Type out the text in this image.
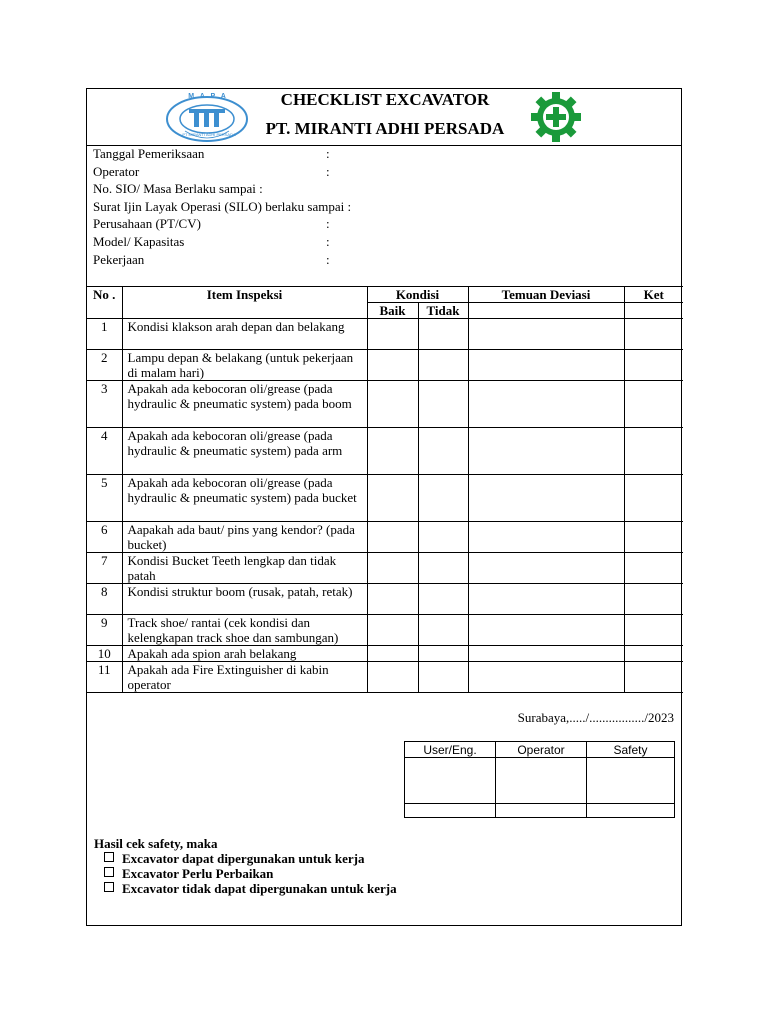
M A P A
PT MIRANTI ADHI PERSADA
CHECKLIST EXCAVATOR
PT. MIRANTI ADHI PERSADA
Tanggal Pemeriksaan	:
Operator	:
No. SIO/ Masa Berlaku sampai :
Surat Ijin Layak Operasi (SILO) berlaku sampai :
Perusahaan (PT/CV)	:
Model/ Kapasitas	:
Pekerjaan	:
No .	Item Inspeksi	Kondisi		Temuan Deviasi	Ket
		Baik	Tidak		
1	Kondisi klakson arah depan dan belakang				
2	Lampu depan & belakang (untuk pekerjaan di malam hari)				
3	Apakah ada kebocoran oli/grease (pada hydraulic & pneumatic system) pada boom				
4	Apakah ada kebocoran oli/grease (pada hydraulic & pneumatic system) pada arm				
5	Apakah ada kebocoran oli/grease (pada hydraulic & pneumatic system) pada bucket				
6	Aapakah ada baut/ pins yang kendor? (pada bucket)				
7	Kondisi Bucket Teeth lengkap dan tidak patah				
8	Kondisi struktur boom (rusak, patah, retak)				
9	Track shoe/ rantai (cek kondisi dan kelengkapan track shoe dan sambungan)				
10	Apakah ada spion arah belakang				
11	Apakah ada Fire Extinguisher di kabin operator				
Surabaya,...../................./2023
User/Eng.	Operator	Safety

Hasil cek safety, maka
Excavator dapat dipergunakan untuk kerja
Excavator Perlu Perbaikan
Excavator tidak dapat dipergunakan untuk kerja
